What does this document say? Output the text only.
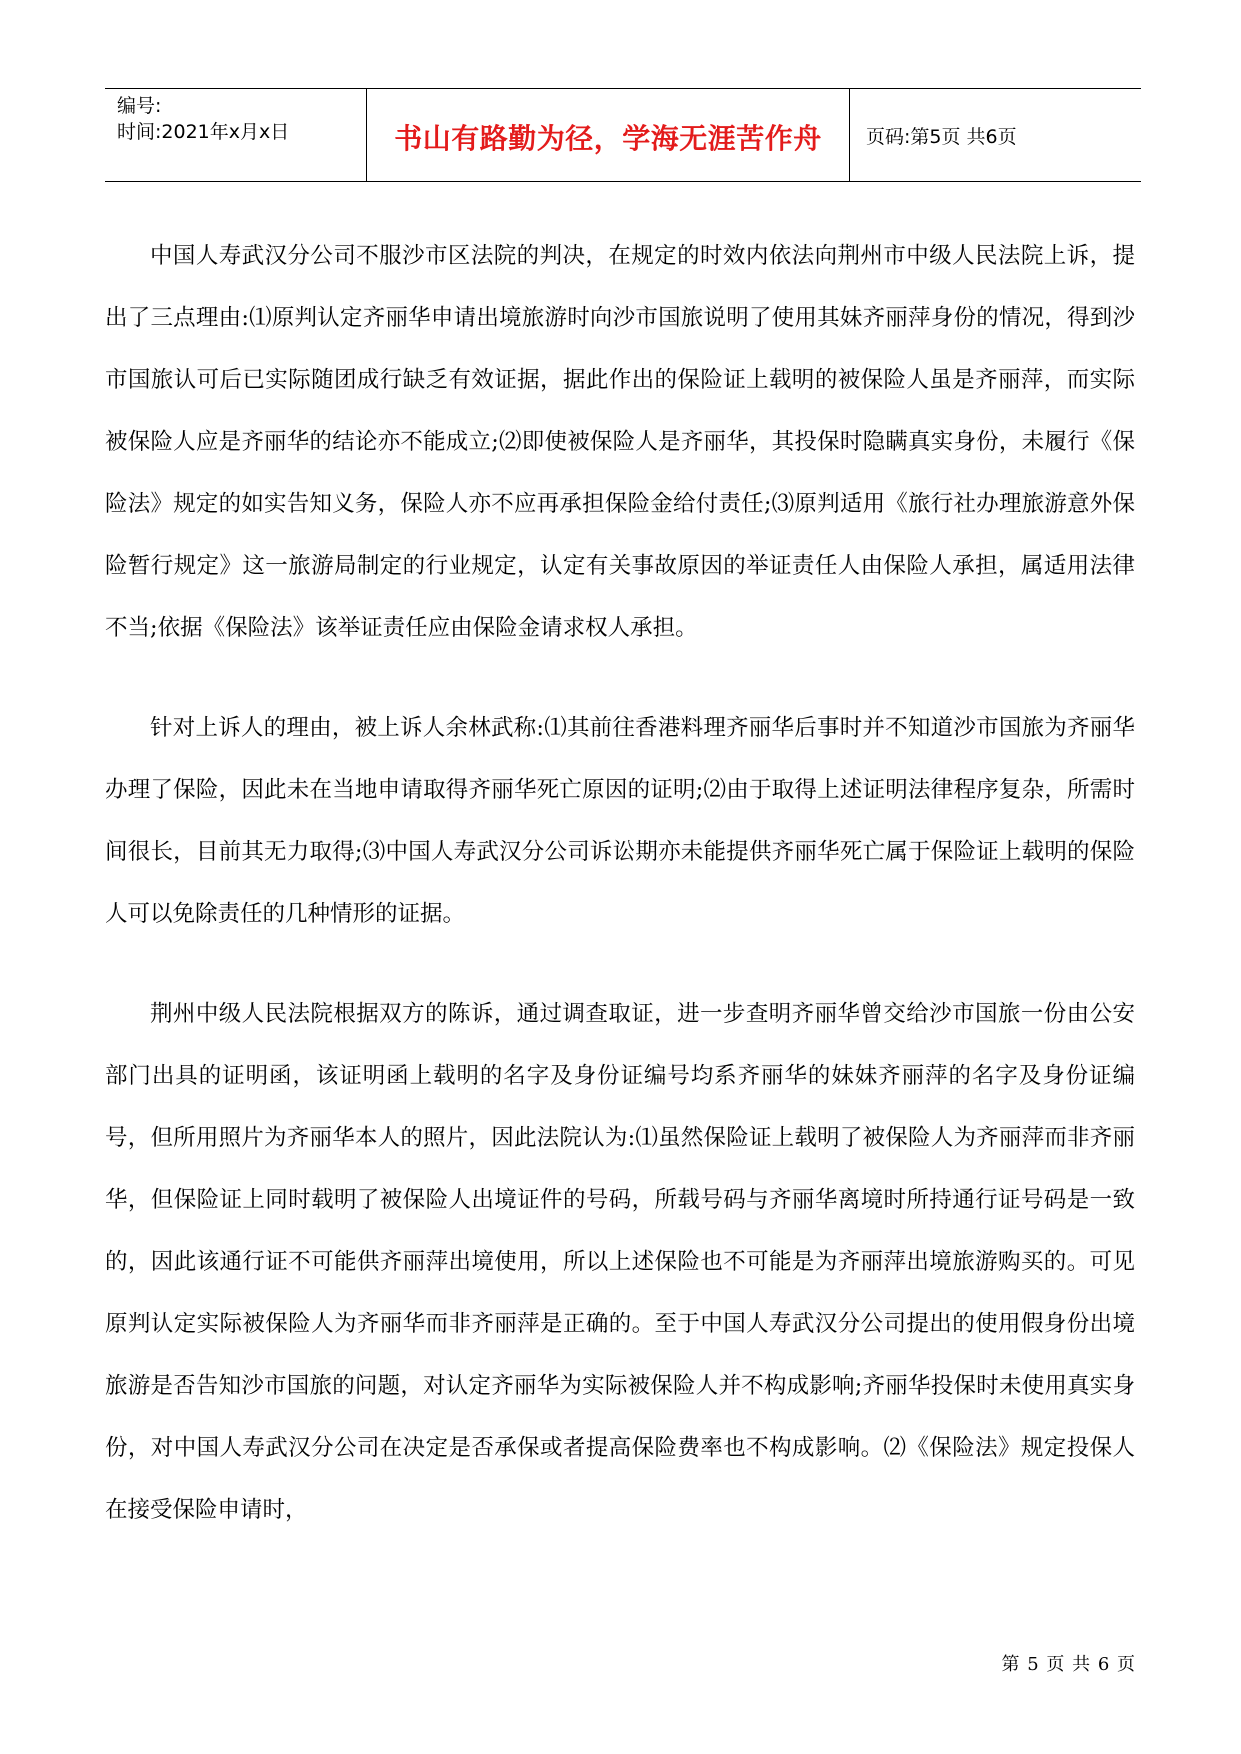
编号:
时间:2021年x月x日	书山有路勤为径，学海无涯苦作舟 页码:第5页 共6页

中国人寿武汉分公司不服沙市区法院的判决，在规定的时效内依法向荆州市中级人民法院上诉，提出了三点理由:⑴原判认定齐丽华申请出境旅游时向沙市国旅说明了使用其妹齐丽萍身份的情况，得到沙市国旅认可后已实际随团成行缺乏有效证据，据此作出的保险证上载明的被保险人虽是齐丽萍，而实际被保险人应是齐丽华的结论亦不能成立;⑵即使被保险人是齐丽华，其投保时隐瞒真实身份，未履行《保险法》规定的如实告知义务，保险人亦不应再承担保险金给付责任;⑶原判适用《旅行社办理旅游意外保险暂行规定》这一旅游局制定的行业规定，认定有关事故原因的举证责任人由保险人承担，属适用法律不当;依据《保险法》该举证责任应由保险金请求权人承担。

针对上诉人的理由，被上诉人余林武称:⑴其前往香港料理齐丽华后事时并不知道沙市国旅为齐丽华办理了保险，因此未在当地申请取得齐丽华死亡原因的证明;⑵由于取得上述证明法律程序复杂，所需时间很长，目前其无力取得;⑶中国人寿武汉分公司诉讼期亦未能提供齐丽华死亡属于保险证上载明的保险人可以免除责任的几种情形的证据。

荆州中级人民法院根据双方的陈诉，通过调查取证，进一步查明齐丽华曾交给沙市国旅一份由公安部门出具的证明函，该证明函上载明的名字及身份证编号均系齐丽华的妹妹齐丽萍的名字及身份证编号，但所用照片为齐丽华本人的照片，因此法院认为:⑴虽然保险证上载明了被保险人为齐丽萍而非齐丽华，但保险证上同时载明了被保险人出境证件的号码，所载号码与齐丽华离境时所持通行证号码是一致的，因此该通行证不可能供齐丽萍出境使用，所以上述保险也不可能是为齐丽萍出境旅游购买的。可见原判认定实际被保险人为齐丽华而非齐丽萍是正确的。至于中国人寿武汉分公司提出的使用假身份出境旅游是否告知沙市国旅的问题，对认定齐丽华为实际被保险人并不构成影响;齐丽华投保时未使用真实身份，对中国人寿武汉分公司在决定是否承保或者提高保险费率也不构成影响。⑵《保险法》规定投保人在接受保险申请时，

第 5 页 共 6 页
